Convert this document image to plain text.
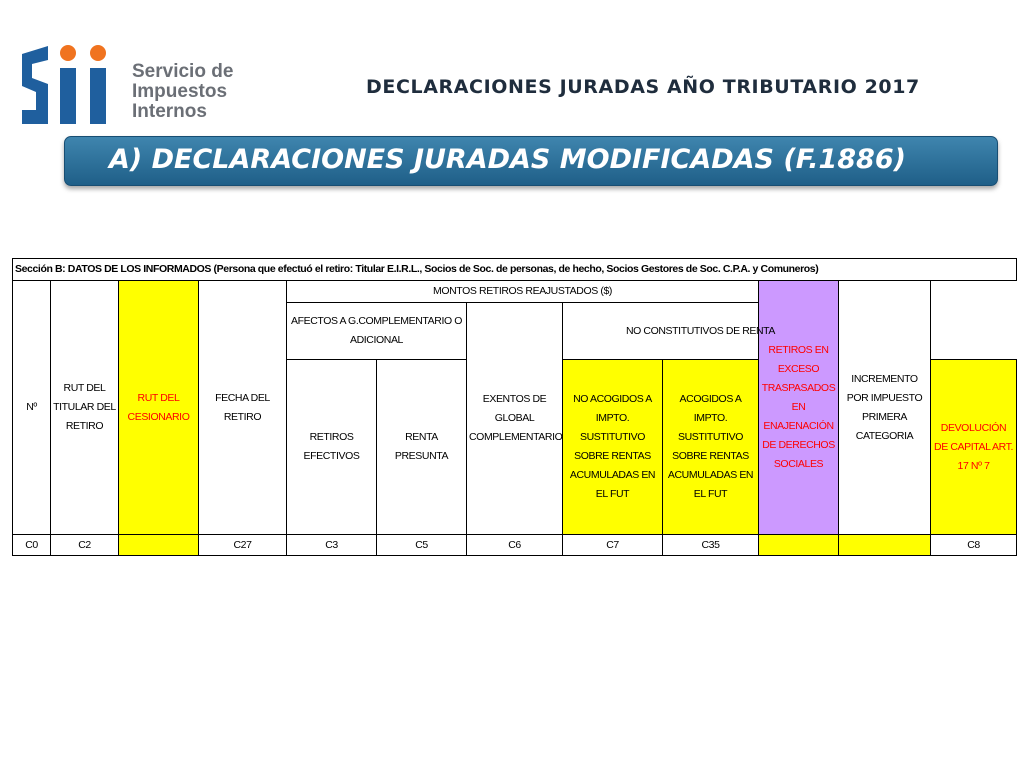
Servicio de
Impuestos
Internos
DECLARACIONES JURADAS AÑO TRIBUTARIO 2017
A) DECLARACIONES JURADAS MODIFICADAS (F.1886)
Sección B: DATOS DE LOS INFORMADOS (Persona que efectuó el retiro: Titular E.I.R.L., Socios de Soc. de personas, de hecho, Socios Gestores de Soc. C.P.A. y Comuneros)											
Nº	RUT DEL TITULAR DEL RETIRO	RUT DEL CESIONARIO	FECHA DEL RETIRO	MONTOS RETIROS REAJUSTADOS ($)					RETIROS EN EXCESO TRASPASADOS EN ENAJENACIÓN DE DERECHOS SOCIALES	INCREMENTO POR IMPUESTO PRIMERA CATEGORIA	
				AFECTOS A G.COMPLEMENTARIO O ADICIONAL		EXENTOS DE GLOBAL COMPLEMENTARIO	NO CONSTITUTIVOS DE RENTA				
				RETIROS EFECTIVOS	RENTA PRESUNTA		NO ACOGIDOS A IMPTO. SUSTITUTIVO SOBRE RENTAS ACUMULADAS EN EL FUT	ACOGIDOS A IMPTO. SUSTITUTIVO SOBRE RENTAS ACUMULADAS EN EL FUT			DEVOLUCIÓN DE CAPITAL ART. 17 Nº 7
C0	C2		C27	C3	C5	C6	C7	C35			C8
